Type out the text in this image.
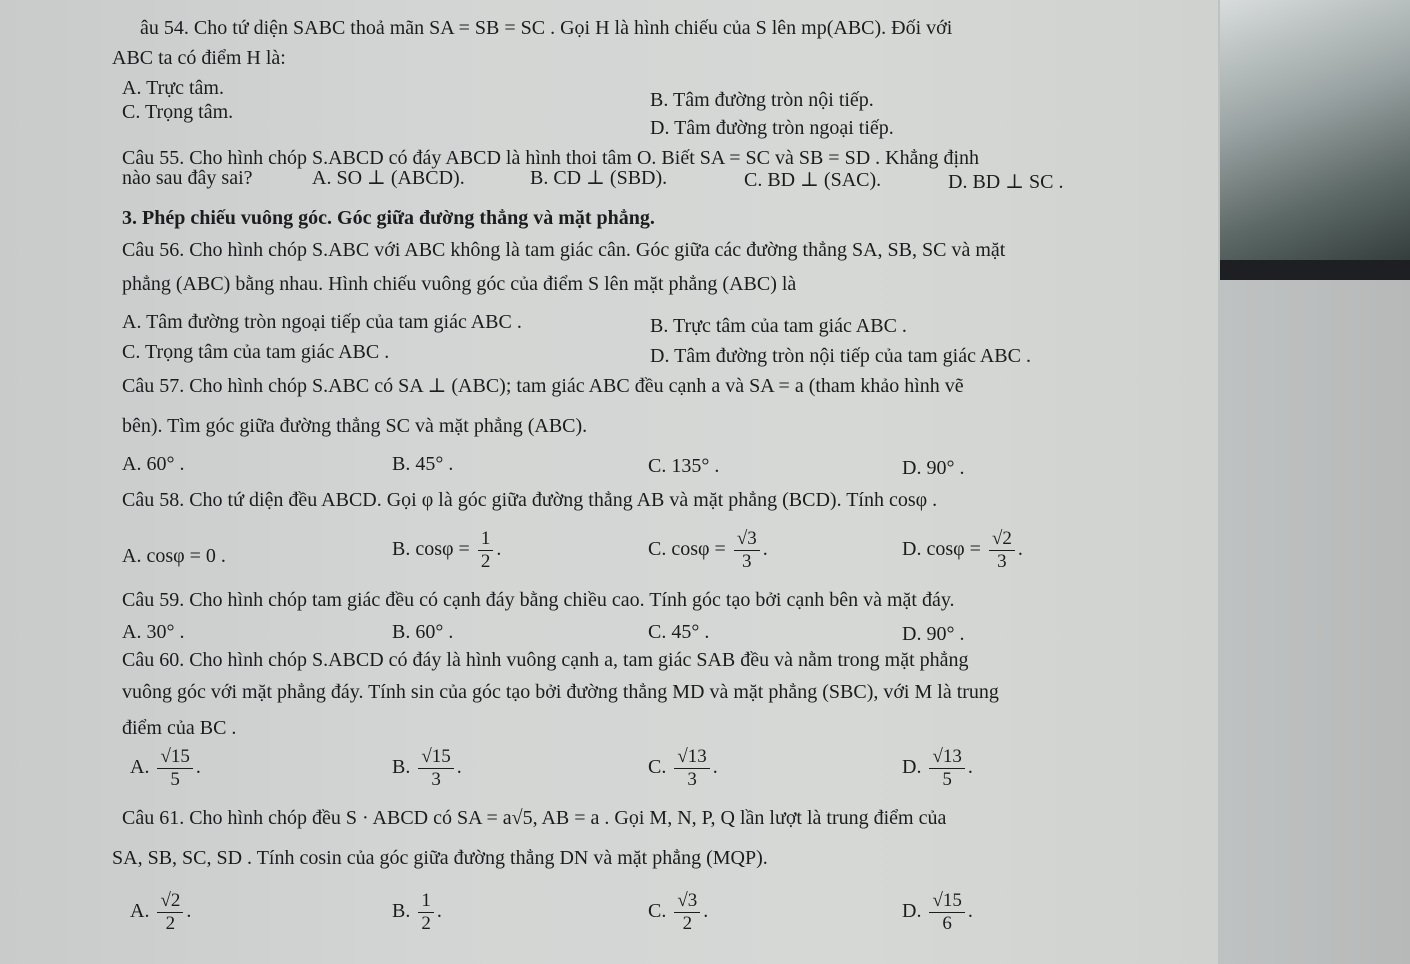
âu 54. Cho tứ diện SABC thoả mãn SA = SB = SC . Gọi H là hình chiếu của S lên mp(ABC). Đối với
ABC ta có điểm H là:
A. Trực tâm.
B. Tâm đường tròn nội tiếp.
C. Trọng tâm.
D. Tâm đường tròn ngoại tiếp.
Câu 55. Cho hình chóp S.ABCD có đáy ABCD là hình thoi tâm O. Biết SA = SC và SB = SD . Khẳng định
nào sau đây sai?	A. SO ⊥ (ABCD).	B. CD ⊥ (SBD).	C. BD ⊥ (SAC).	D. BD ⊥ SC .
3. Phép chiếu vuông góc. Góc giữa đường thẳng và mặt phẳng.
Câu 56. Cho hình chóp S.ABC với ABC không là tam giác cân. Góc giữa các đường thẳng SA, SB, SC và mặt
phẳng (ABC) bằng nhau. Hình chiếu vuông góc của điểm S lên mặt phẳng (ABC) là
A. Tâm đường tròn ngoại tiếp của tam giác ABC .	B. Trực tâm của tam giác ABC .
C. Trọng tâm của tam giác ABC .	D. Tâm đường tròn nội tiếp của tam giác ABC .
Câu 57. Cho hình chóp S.ABC có SA ⊥ (ABC); tam giác ABC đều cạnh a và SA = a (tham khảo hình vẽ
bên). Tìm góc giữa đường thẳng SC và mặt phẳng (ABC).
A. 60° .	B. 45° .	C. 135° .	D. 90° .
Câu 58. Cho tứ diện đều ABCD. Gọi φ là góc giữa đường thẳng AB và mặt phẳng (BCD). Tính cosφ .
A. cosφ = 0 .	B. $\cos\varphi = \frac{1}{2}$ .	C. $\cos\varphi = \frac{√3}{3}$ .	D. $\cos\varphi = \frac{√2}{3}$ .
Câu 59. Cho hình chóp tam giác đều có cạnh đáy bằng chiều cao. Tính góc tạo bởi cạnh bên và mặt đáy.
A. 30° .	B. 60° .	C. 45° .	D. 90° .
Câu 60. Cho hình chóp S.ABCD có đáy là hình vuông cạnh a, tam giác SAB đều và nằm trong mặt phẳng
vuông góc với mặt phẳng đáy. Tính sin của góc tạo bởi đường thẳng MD và mặt phẳng (SBC), với M là trung
điểm của BC .
A. $\frac{√15}{5}$ .	B. $\frac{√15}{3}$ .	C. $\frac{√13}{3}$ .	D. $\frac{√13}{5}$ .
Câu 61. Cho hình chóp đều S · ABCD có SA = a√5, AB = a . Gọi M, N, P, Q lần lượt là trung điểm của
SA, SB, SC, SD . Tính cosin của góc giữa đường thẳng DN và mặt phẳng (MQP).
A. $\frac{√2}{2}$ .	B. $\frac{1}{2}$ .	C. $\frac{√3}{2}$ .	D. $\frac{√15}{6}$ .
